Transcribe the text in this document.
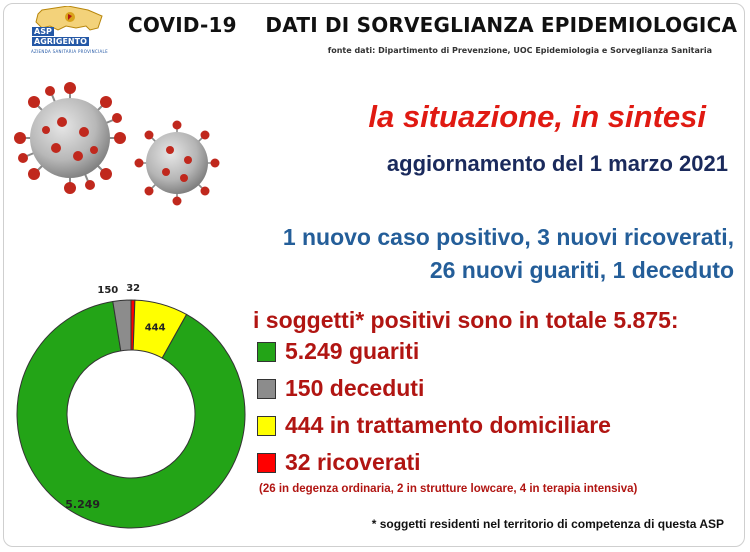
ASP
AGRIGENTO
AZIENDA SANITARIA PROVINCIALE
COVID-19    DATI DI SORVEGLIANZA EPIDEMIOLOGICA
fonte dati: Dipartimento di Prevenzione, UOC Epidemiologia e Sorveglianza Sanitaria
la situazione, in sintesi
aggiornamento del 1 marzo 2021
1 nuovo caso positivo, 3 nuovi ricoverati,
26 nuovi guariti, 1 deceduto
i soggetti* positivi sono in totale 5.875:
5.249 guariti
150 deceduti
444 in trattamento domiciliare
32 ricoverati
(26 in degenza ordinaria, 2 in strutture lowcare, 4 in terapia intensiva)
* soggetti residenti nel territorio di competenza di questa ASP
5.249
150
444
32
